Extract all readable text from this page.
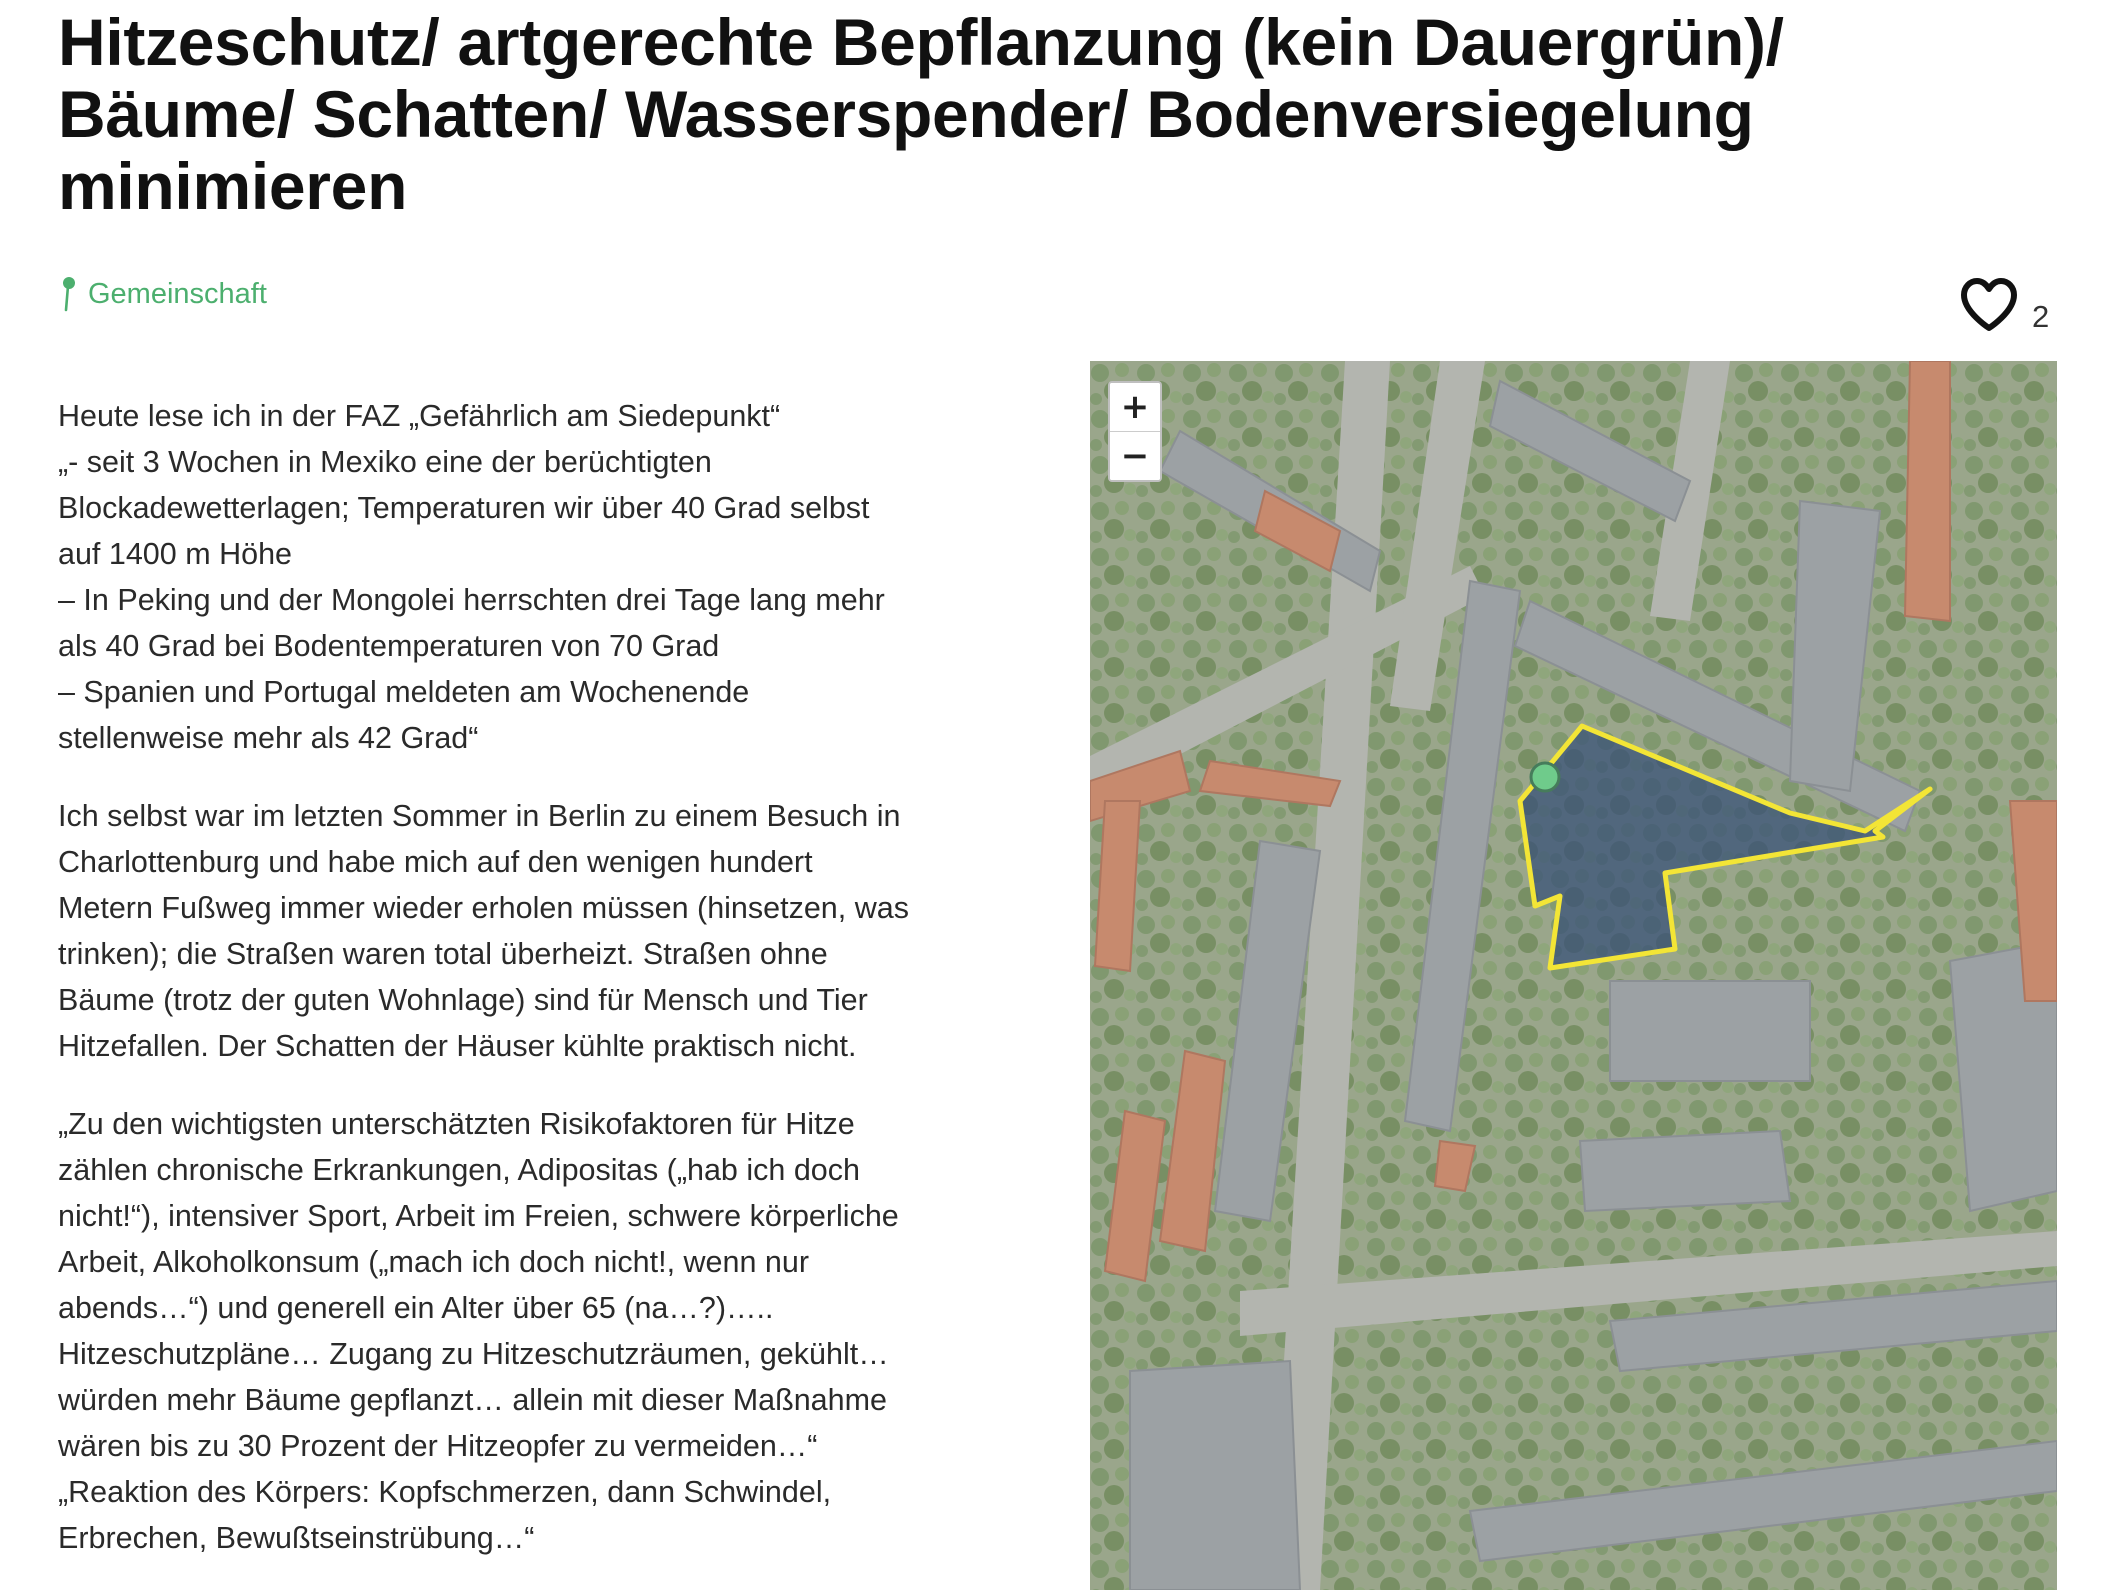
Hitzeschutz/ artgerechte Bepflanzung (kein Dauergrün)/ Bäume/ Schatten/ Wasserspender/ Bodenversiegelung minimieren
Gemeinschaft
2

Heute lese ich in der FAZ „Gefährlich am Siedepunkt“
„- seit 3 Wochen in Mexiko eine der berüchtigten
Blockadewetterlagen; Temperaturen wir über 40 Grad selbst
auf 1400 m Höhe
– In Peking und der Mongolei herrschten drei Tage lang mehr
als 40 Grad bei Bodentemperaturen von 70 Grad
– Spanien und Portugal meldeten am Wochenende
stellenweise mehr als 42 Grad“

Ich selbst war im letzten Sommer in Berlin zu einem Besuch in
Charlottenburg und habe mich auf den wenigen hundert
Metern Fußweg immer wieder erholen müssen (hinsetzen, was
trinken); die Straßen waren total überheizt. Straßen ohne
Bäume (trotz der guten Wohnlage) sind für Mensch und Tier
Hitzefallen. Der Schatten der Häuser kühlte praktisch nicht.

„Zu den wichtigsten unterschätzten Risikofaktoren für Hitze
zählen chronische Erkrankungen, Adipositas („hab ich doch
nicht!“), intensiver Sport, Arbeit im Freien, schwere körperliche
Arbeit, Alkoholkonsum („mach ich doch nicht!, wenn nur
abends…“) und generell ein Alter über 65 (na…?)…..
Hitzeschutzpläne… Zugang zu Hitzeschutzräumen, gekühlt…
würden mehr Bäume gepflanzt… allein mit dieser Maßnahme
wären bis zu 30 Prozent der Hitzeopfer zu vermeiden…“
„Reaktion des Körpers: Kopfschmerzen, dann Schwindel,
Erbrechen, Bewußtseinstrübung…“

+
−
